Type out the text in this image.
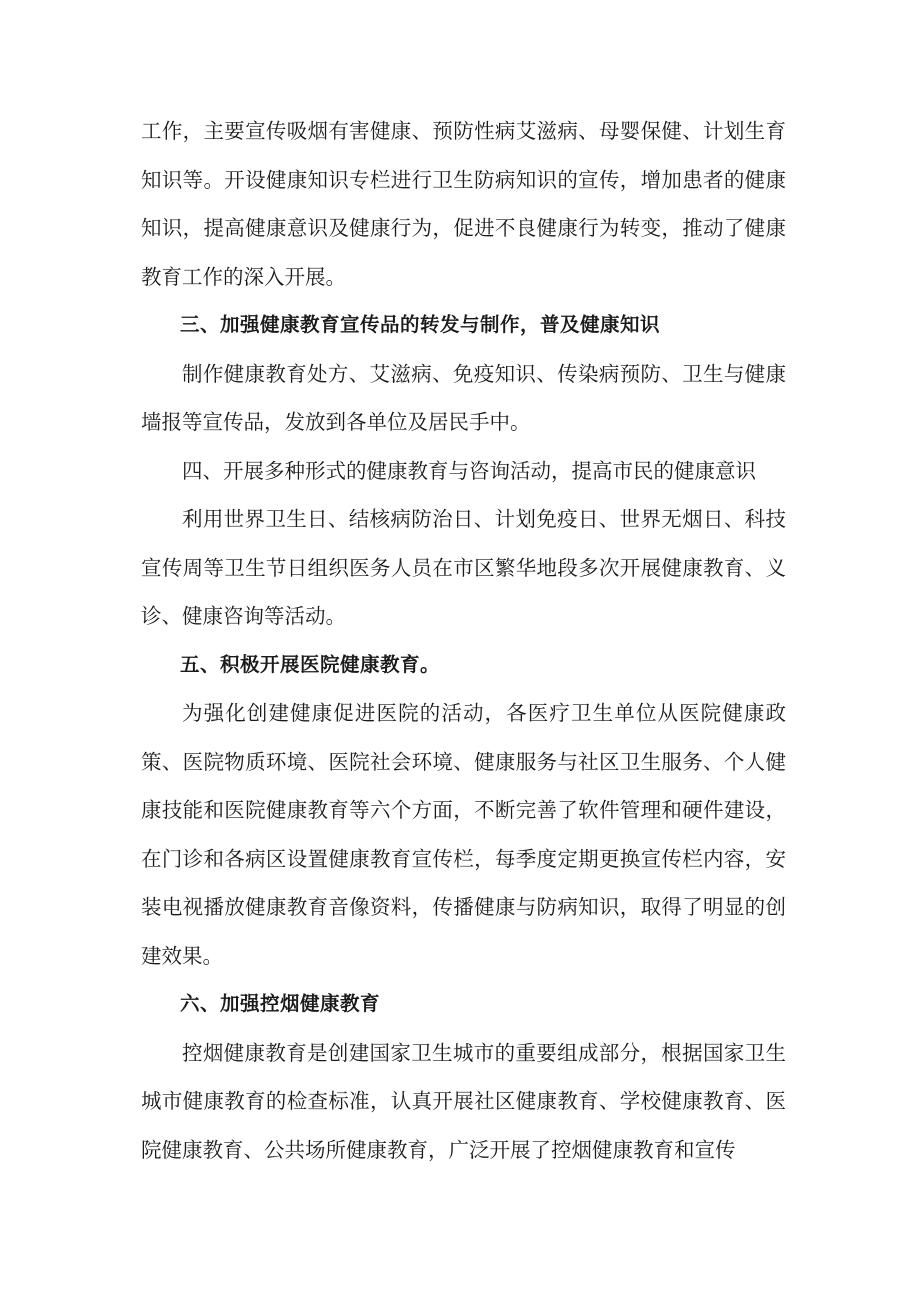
工作，主要宣传吸烟有害健康、预防性病艾滋病、母婴保健、计划生育知识等。开设健康知识专栏进行卫生防病知识的宣传，增加患者的健康知识，提高健康意识及健康行为，促进不良健康行为转变，推动了健康教育工作的深入开展。

三、加强健康教育宣传品的转发与制作，普及健康知识

制作健康教育处方、艾滋病、免疫知识、传染病预防、卫生与健康墙报等宣传品，发放到各单位及居民手中。

四、开展多种形式的健康教育与咨询活动，提高市民的健康意识

利用世界卫生日、结核病防治日、计划免疫日、世界无烟日、科技宣传周等卫生节日组织医务人员在市区繁华地段多次开展健康教育、义诊、健康咨询等活动。

五、积极开展医院健康教育。

为强化创建健康促进医院的活动，各医疗卫生单位从医院健康政策、医院物质环境、医院社会环境、健康服务与社区卫生服务、个人健康技能和医院健康教育等六个方面，不断完善了软件管理和硬件建设，在门诊和各病区设置健康教育宣传栏，每季度定期更换宣传栏内容，安装电视播放健康教育音像资料，传播健康与防病知识，取得了明显的创建效果。

六、加强控烟健康教育

控烟健康教育是创建国家卫生城市的重要组成部分，根据国家卫生城市健康教育的检查标准，认真开展社区健康教育、学校健康教育、医院健康教育、公共场所健康教育，广泛开展了控烟健康教育和宣传
